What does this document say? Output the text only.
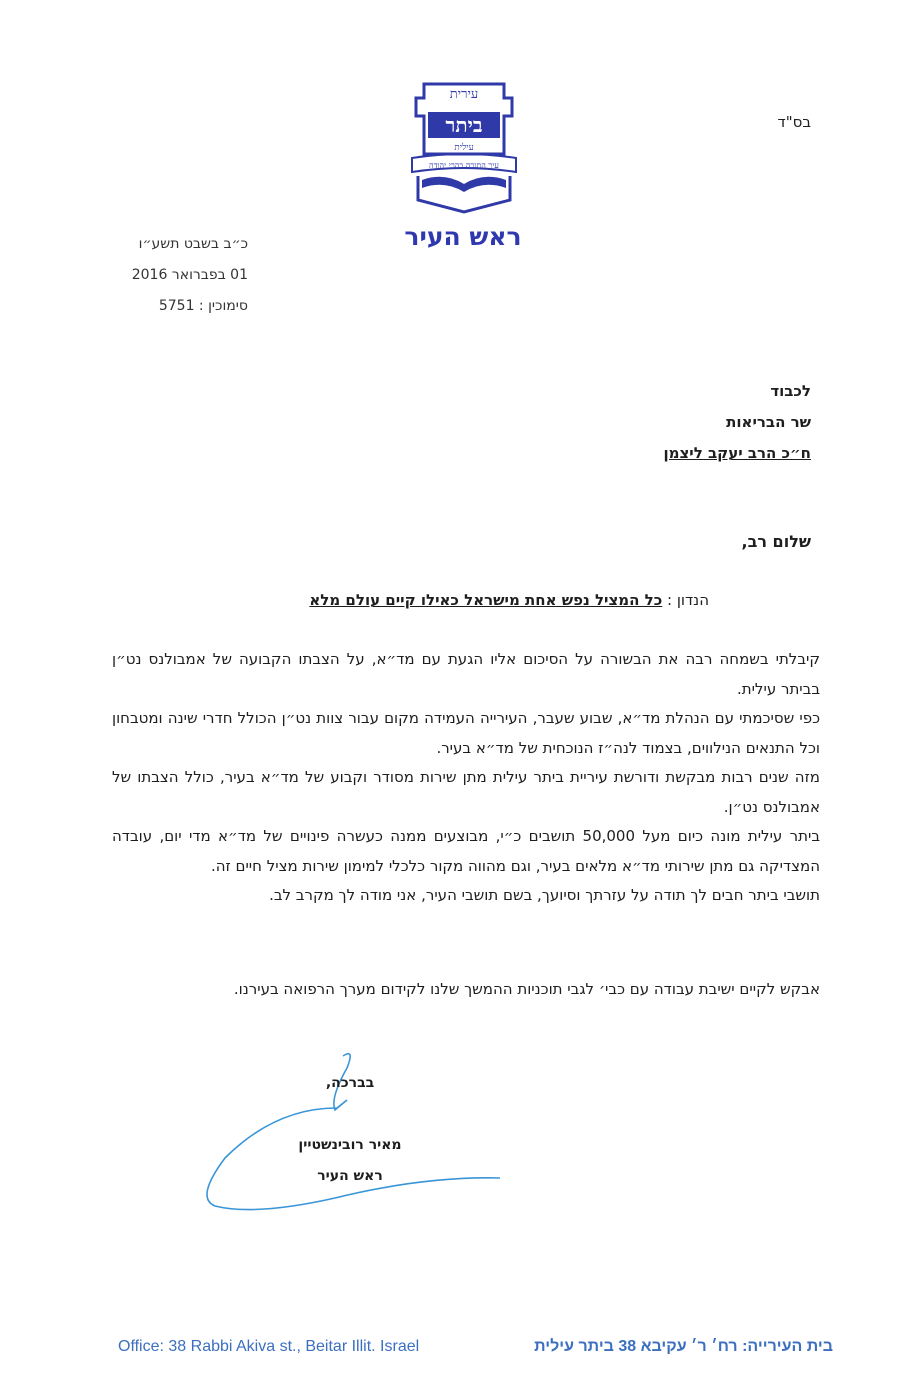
בס"ד
ביתר
עירית
עילית
עיר התורה בהרי יהודה
ראש העיר
כ״ב בשבט תשע״ו
01 בפברואר 2016
סימוכין : 5751
לכבוד
שר הבריאות
ח״כ הרב יעקב ליצמן
שלום רב,
הנדון : כל המציל נפש אחת מישראל כאילו קיים עולם מלא

קיבלתי בשמחה רבה את הבשורה על הסיכום אליו הגעת עם מד״א, על הצבתו הקבועה של אמבולנס נט״ן בביתר עילית.

כפי שסיכמתי עם הנהלת מד״א, שבוע שעבר, העירייה העמידה מקום עבור צוות נט״ן הכולל חדרי שינה ומטבחון וכל התנאים הנילווים, בצמוד לנה״ז הנוכחית של מד״א בעיר.

מזה שנים רבות מבקשת ודורשת עיריית ביתר עילית מתן שירות מסודר וקבוע של מד״א בעיר, כולל הצבתו של אמבולנס נט״ן.

ביתר עילית מונה כיום מעל 50,000 תושבים כ״י, מבוצעים ממנה כעשרה פינויים של מד״א מדי יום, עובדה המצדיקה גם מתן שירותי מד״א מלאים בעיר, וגם מהווה מקור כלכלי למימון שירות מציל חיים זה.

תושבי ביתר חבים לך תודה על עזרתך וסיועך, בשם תושבי העיר, אני מודה לך מקרב לב.

אבקש לקיים ישיבת עבודה עם כבי׳ לגבי תוכניות ההמשך שלנו לקידום מערך הרפואה בעירנו.
בברכה,
מאיר רובינשטיין
ראש העיר
בית העירייה: רח׳ ר׳ עקיבא 38 ביתר עילית
Office: 38 Rabbi Akiva st., Beitar Illit. Israel
